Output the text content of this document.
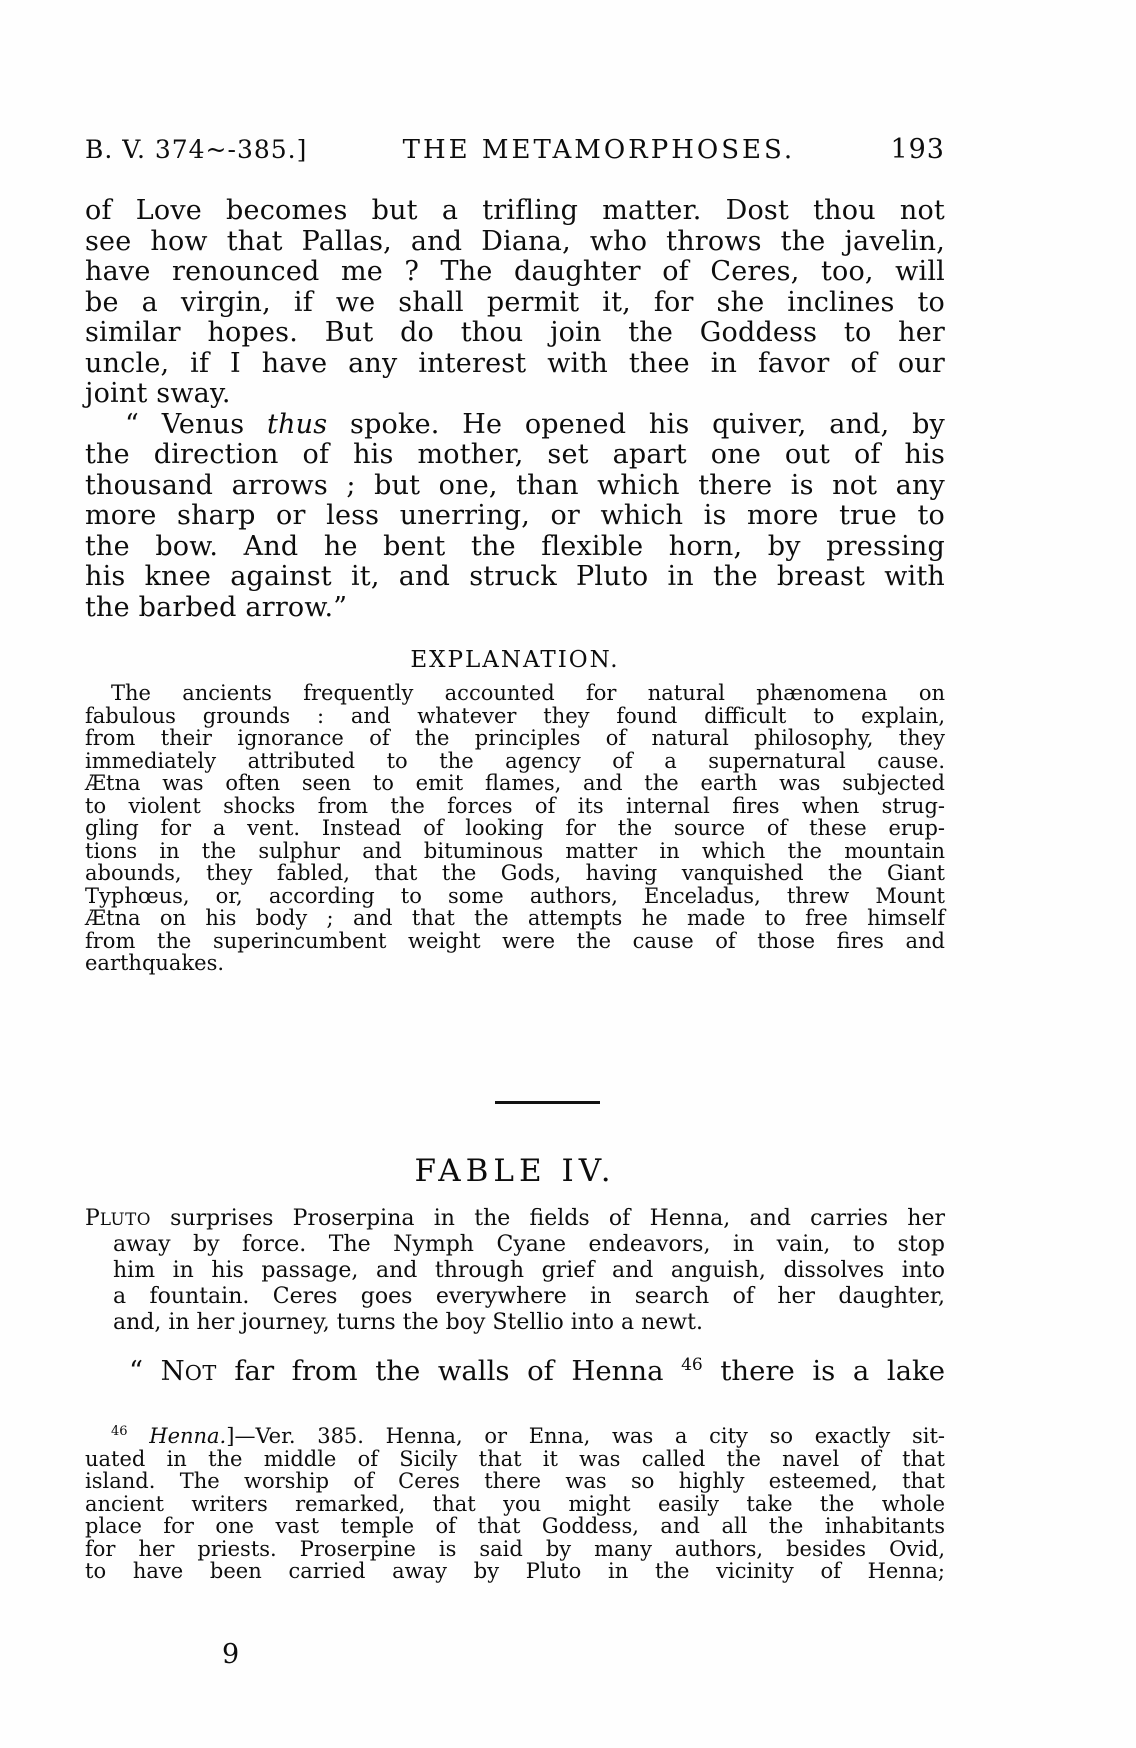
B. V. 374~-385.]	THE METAMORPHOSES.	193
of Love becomes but a trifling matter. Dost thou not
see how that Pallas, and Diana, who throws the javelin,
have renounced me ? The daughter of Ceres, too, will
be a virgin, if we shall permit it, for she inclines to
similar hopes. But do thou join the Goddess to her
uncle, if I have any interest with thee in favor of our
joint sway.
“ Venus thus spoke. He opened his quiver, and, by
the direction of his mother, set apart one out of his
thousand arrows ; but one, than which there is not any
more sharp or less unerring, or which is more true to
the bow. And he bent the flexible horn, by pressing
his knee against it, and struck Pluto in the breast with
the barbed arrow.”
EXPLANATION.
The ancients frequently accounted for natural phænomena on
fabulous grounds : and whatever they found difficult to explain,
from their ignorance of the principles of natural philosophy, they
immediately attributed to the agency of a supernatural cause.
Ætna was often seen to emit flames, and the earth was subjected
to violent shocks from the forces of its internal fires when strug-
gling for a vent. Instead of looking for the source of these erup-
tions in the sulphur and bituminous matter in which the mountain
abounds, they fabled, that the Gods, having vanquished the Giant
Typhœus, or, according to some authors, Enceladus, threw Mount
Ætna on his body ; and that the attempts he made to free himself
from the superincumbent weight were the cause of those fires and
earthquakes.
FABLE IV.
PLUTO surprises Proserpina in the fields of Henna, and carries her
away by force. The Nymph Cyane endeavors, in vain, to stop
him in his passage, and through grief and anguish, dissolves into
a fountain. Ceres goes everywhere in search of her daughter,
and, in her journey, turns the boy Stellio into a newt.
“ NOT far from the walls of Henna $^{46}$ there is a lake
$^{46}$ Henna.]—Ver. 385. Henna, or Enna, was a city so exactly sit-
uated in the middle of Sicily that it was called the navel of that
island. The worship of Ceres there was so highly esteemed, that
ancient writers remarked, that you might easily take the whole
place for one vast temple of that Goddess, and all the inhabitants
for her priests. Proserpine is said by many authors, besides Ovid,
to have been carried away by Pluto in the vicinity of Henna;
9
